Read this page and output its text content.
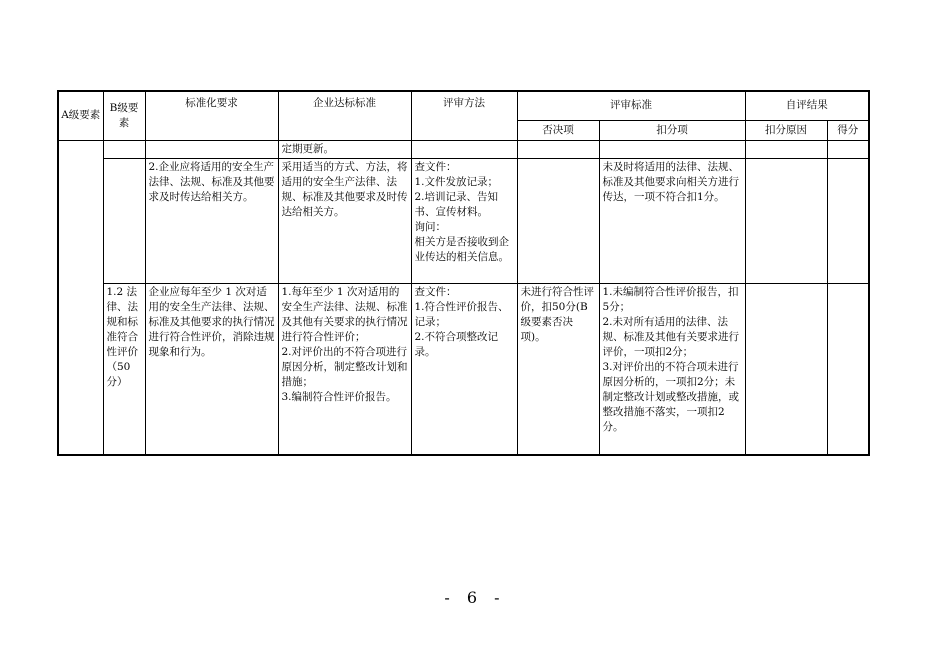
A级要素	B级要素	标准化要求	企业达标标准	评审方法	评审标准		自评结果	
					否决项	扣分项	扣分原因	得分
			定期更新。					
		2.企业应将适用的安全生产法律、法规、标准及其他要求及时传达给相关方。	采用适当的方式、方法，将适用的安全生产法律、法规、标准及其他要求及时传达给相关方。	查文件：
1.文件发放记录；
2.培训记录、告知书、宣传材料。
询问：
相关方是否接收到企业传达的相关信息。		未及时将适用的法律、法规、标准及其他要求向相关方进行传达，一项不符合扣1分。		
	1.2 法律、法规和标准符合性评价（50分）	企业应每年至少 1 次对适用的安全生产法律、法规、标准及其他要求的执行情况进行符合性评价，消除违规现象和行为。	1.每年至少 1 次对适用的安全生产法律、法规、标准及其他有关要求的执行情况进行符合性评价；
2.对评价出的不符合项进行原因分析，制定整改计划和措施；
3.编制符合性评价报告。	查文件：
1.符合性评价报告、记录；
2.不符合项整改记录。	未进行符合性评价，扣50分(B级要素否决项)。	1.未编制符合性评价报告，扣5分；
2.未对所有适用的法律、法规、标准及其他有关要求进行评价，一项扣2分；
3.对评价出的不符合项未进行原因分析的，一项扣2分；未制定整改计划或整改措施，或整改措施不落实，一项扣2分。		
- 6 -
